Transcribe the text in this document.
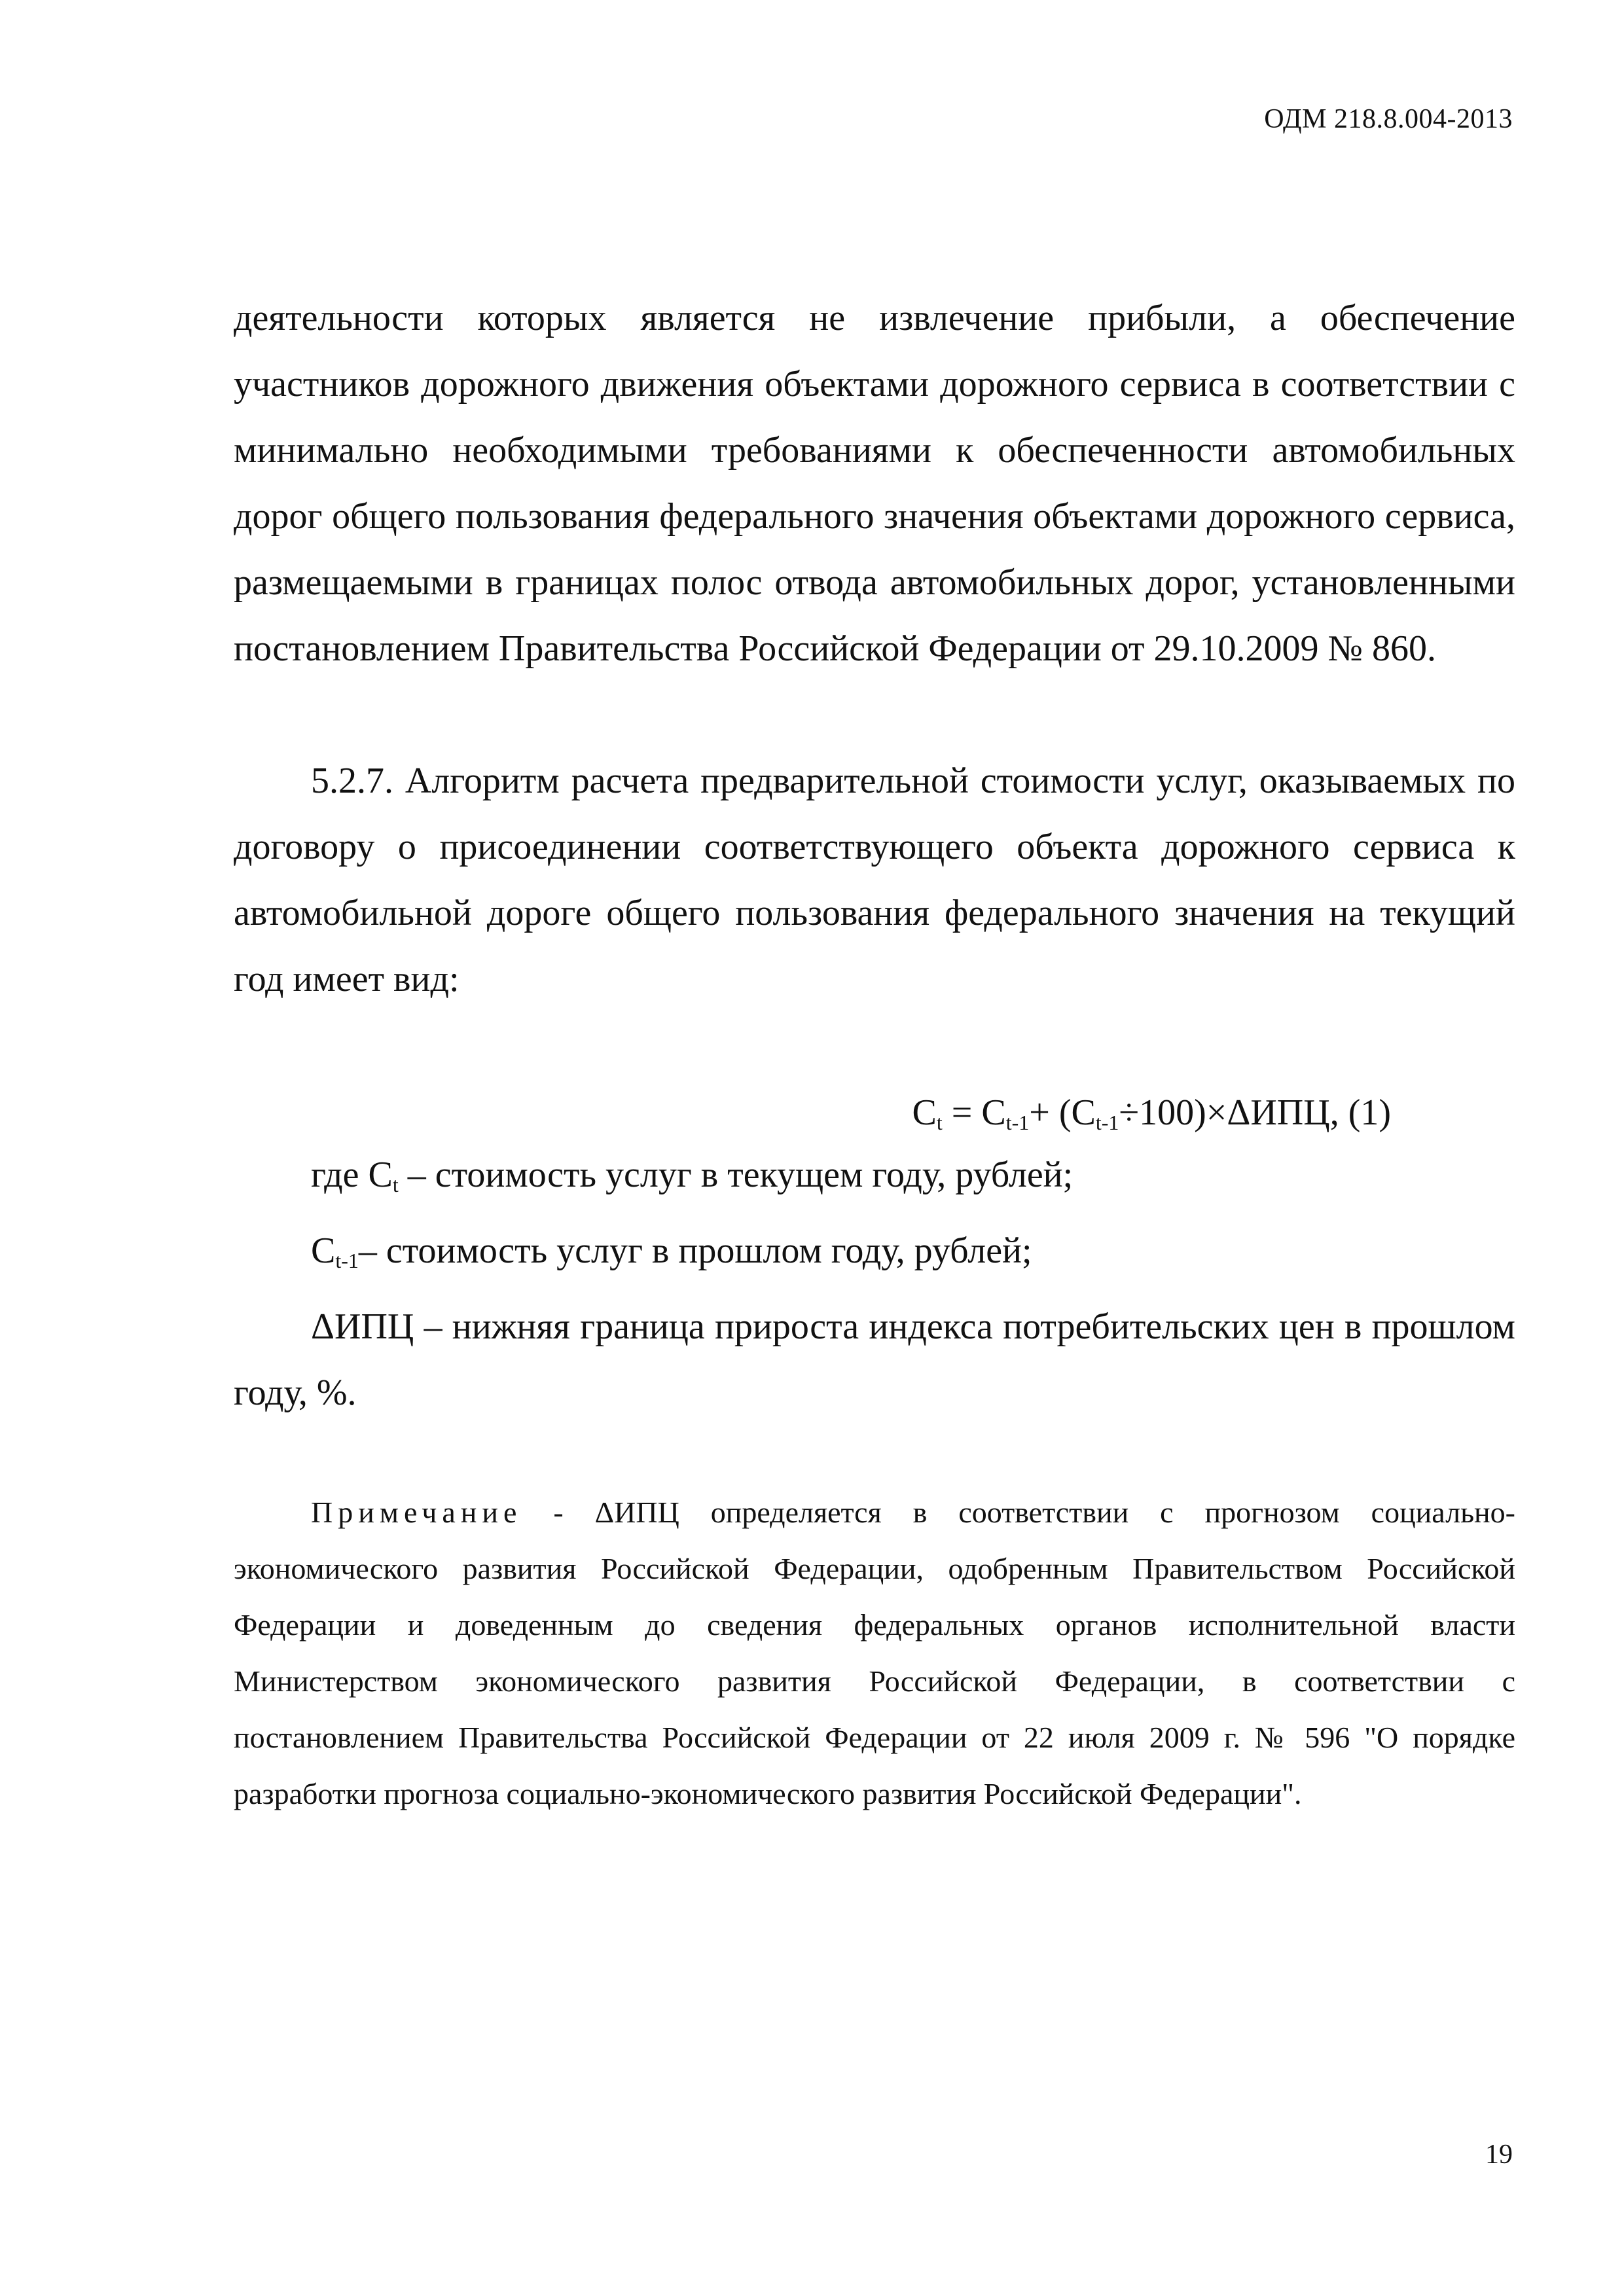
ОДМ 218.8.004-2013

деятельности которых является не извлечение прибыли, а обеспечение участников дорожного движения объектами дорожного сервиса в соответствии с минимально необходимыми требованиями к обеспеченности автомобильных дорог общего пользования федерального значения объектами дорожного сервиса, размещаемыми в границах полос отвода автомобильных дорог, установленными постановлением Правительства Российской Федерации от 29.10.2009 № 860.

5.2.7. Алгоритм расчета предварительной стоимости услуг, оказываемых по договору о присоединении соответствующего объекта дорожного сервиса к автомобильной дороге общего пользования федерального значения на текущий год имеет вид:

$C_t = C_{t-1}+ (C_{t-1}\div 100)\times\Delta ИПЦ$, (1)

где $C_t$ – стоимость услуг в текущем году, рублей;

$C_{t-1}-$ стоимость услуг в прошлом году, рублей;

ΔИПЦ – нижняя граница прироста индекса потребительских цен в прошлом году, %.

Примечание - ΔИПЦ определяется в соответствии с прогнозом социально-экономического развития Российской Федерации, одобренным Правительством Российской Федерации и доведенным до сведения федеральных органов исполнительной власти Министерством экономического развития Российской Федерации, в соответствии с постановлением Правительства Российской Федерации от 22 июля 2009 г. № 596 "О порядке разработки прогноза социально-экономического развития Российской Федерации".

19
